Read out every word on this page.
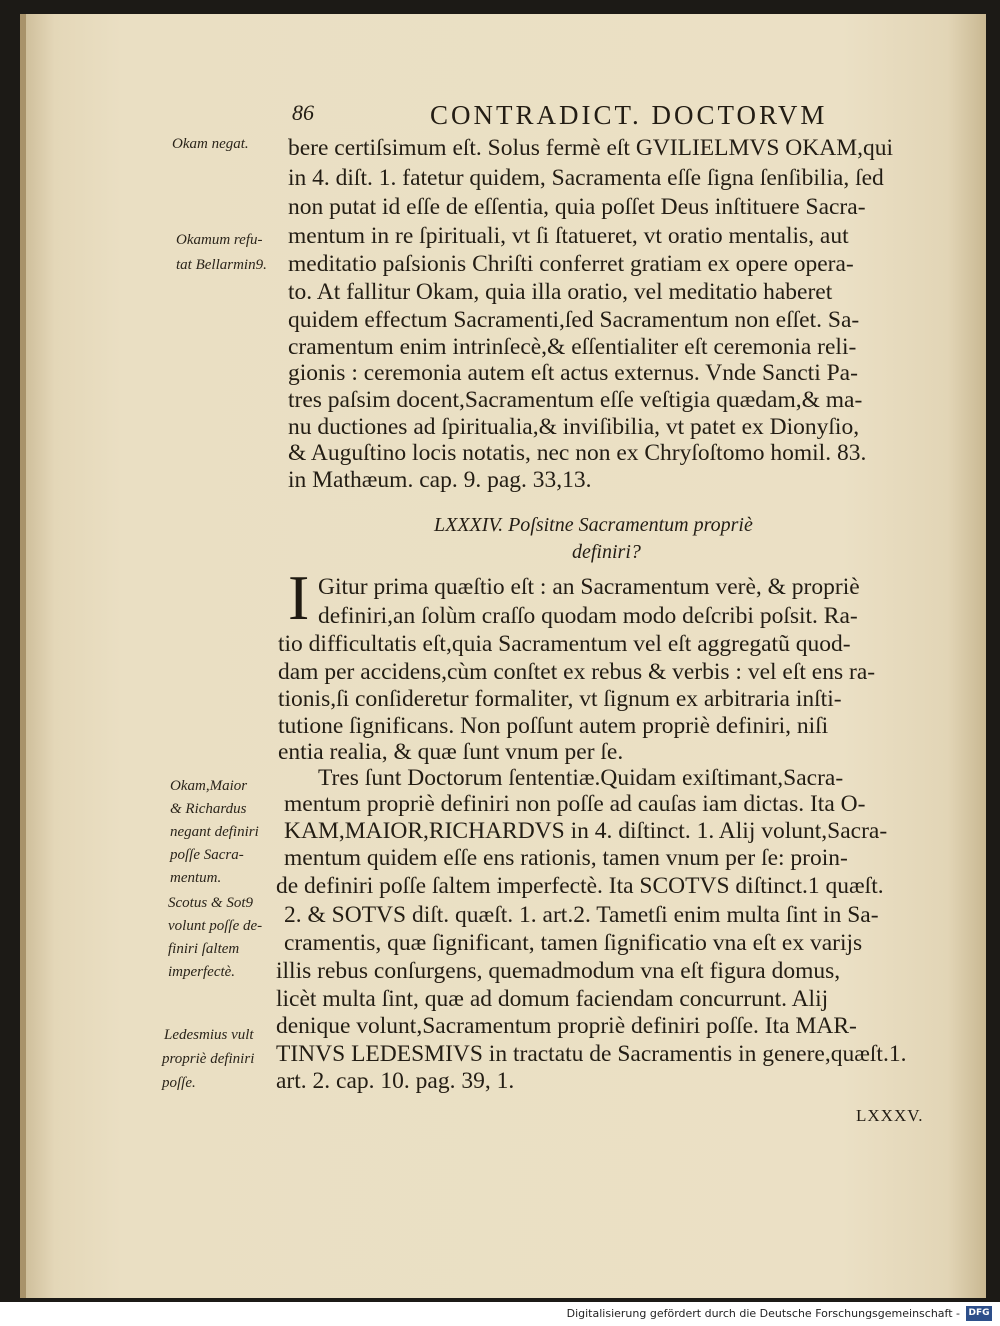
86	CONTRADICT. DOCTORVM
Okam negat.
Okamum refu-
tat Bellarmin9.
bere certiſsimum eſt. Solus fermè eſt GVILIELMVS OKAM,qui
in 4. diſt. 1. fatetur quidem, Sacramenta eſſe ſigna ſenſibilia, ſed
non putat id eſſe de eſſentia, quia poſſet Deus inſtituere Sacra-
mentum in re ſpirituali, vt ſi ſtatueret, vt oratio mentalis, aut
meditatio paſsionis Chriſti conferret gratiam ex opere opera-
to. At fallitur Okam, quia illa oratio, vel meditatio haberet
quidem effectum Sacramenti,ſed Sacramentum non eſſet. Sa-
cramentum enim intrinſecè,& eſſentialiter eſt ceremonia reli-
gionis : ceremonia autem eſt actus externus. Vnde Sancti Pa-
tres paſsim docent,Sacramentum eſſe veſtigia quædam,& ma-
nu ductiones ad ſpiritualia,& inviſibilia, vt patet ex Dionyſio,
& Auguſtino locis notatis, nec non ex Chryſoſtomo homil. 83.
in Mathæum. cap. 9. pag. 33,13.
LXXXIV. Poſsitne Sacramentum propriè
definiri?
I Gitur prima quæſtio eſt : an Sacramentum verè, & propriè
definiri,an ſolùm craſſo quodam modo deſcribi poſsit. Ra-
tio difficultatis eſt,quia Sacramentum vel eſt aggregatũ quod-
dam per accidens,cùm conſtet ex rebus & verbis : vel eſt ens ra-
tionis,ſi conſideretur formaliter, vt ſignum ex arbitraria inſti-
tutione ſignificans. Non poſſunt autem propriè definiri, niſi
entia realia, & quæ ſunt vnum per ſe.
Tres ſunt Doctorum ſententiæ.Quidam exiſtimant,Sacra-
mentum propriè definiri non poſſe ad cauſas iam dictas. Ita O-
KAM,MAIOR,RICHARDVS in 4. diſtinct. 1. Alij volunt,Sacra-
mentum quidem eſſe ens rationis, tamen vnum per ſe: proin-
de definiri poſſe ſaltem imperfectè. Ita SCOTVS diſtinct.1 quæſt.
2. & SOTVS diſt. quæſt. 1. art.2. Tametſi enim multa ſint in Sa-
cramentis, quæ ſignificant, tamen ſignificatio vna eſt ex varijs
illis rebus conſurgens, quemadmodum vna eſt figura domus,
licèt multa ſint, quæ ad domum faciendam concurrunt. Alij
denique volunt,Sacramentum propriè definiri poſſe. Ita MAR-
TINVS LEDESMIVS in tractatu de Sacramentis in genere,quæſt.1.
art. 2. cap. 10. pag. 39, 1.
Okam,Maior
& Richardus
negant definiri
poſſe Sacra-
mentum.
Scotus & Sot9
volunt poſſe de-
finiri ſaltem
imperfectè.
Ledesmius vult
propriè definiri
poſſe.
LXXXV.
Digitalisierung gefördert durch die Deutsche Forschungsgemeinschaft - DFG
